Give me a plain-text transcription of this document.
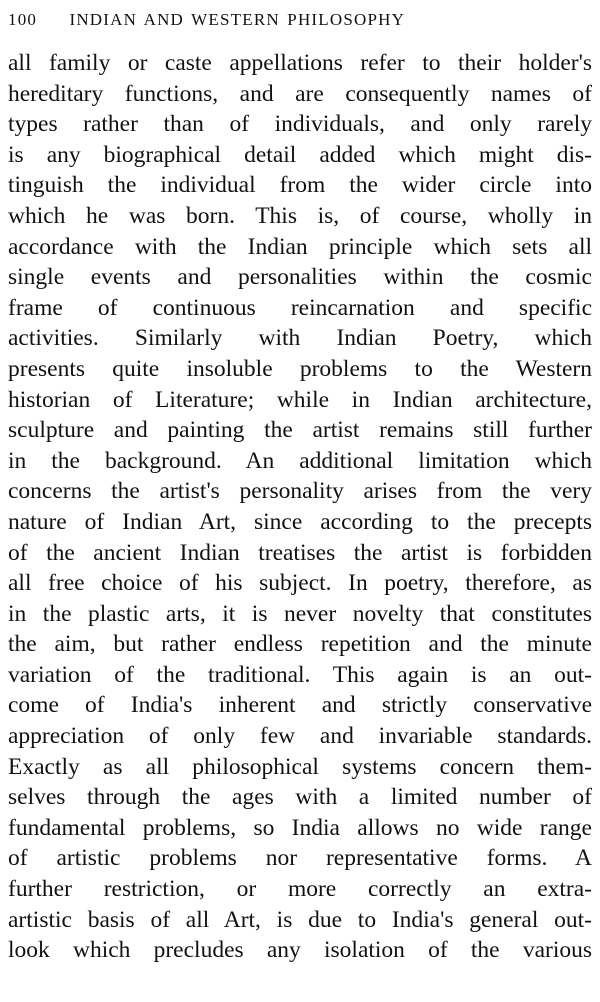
100 INDIAN AND WESTERN PHILOSOPHY
all family or caste appellations refer to their holder's
hereditary functions, and are consequently names of
types rather than of individuals, and only rarely
is any biographical detail added which might dis-
tinguish the individual from the wider circle into
which he was born. This is, of course, wholly in
accordance with the Indian principle which sets all
single events and personalities within the cosmic
frame of continuous reincarnation and specific
activities. Similarly with Indian Poetry, which
presents quite insoluble problems to the Western
historian of Literature; while in Indian architecture,
sculpture and painting the artist remains still further
in the background. An additional limitation which
concerns the artist's personality arises from the very
nature of Indian Art, since according to the precepts
of the ancient Indian treatises the artist is forbidden
all free choice of his subject. In poetry, therefore, as
in the plastic arts, it is never novelty that constitutes
the aim, but rather endless repetition and the minute
variation of the traditional. This again is an out-
come of India's inherent and strictly conservative
appreciation of only few and invariable standards.
Exactly as all philosophical systems concern them-
selves through the ages with a limited number of
fundamental problems, so India allows no wide range
of artistic problems nor representative forms. A
further restriction, or more correctly an extra-
artistic basis of all Art, is due to India's general out-
look which precludes any isolation of the various
